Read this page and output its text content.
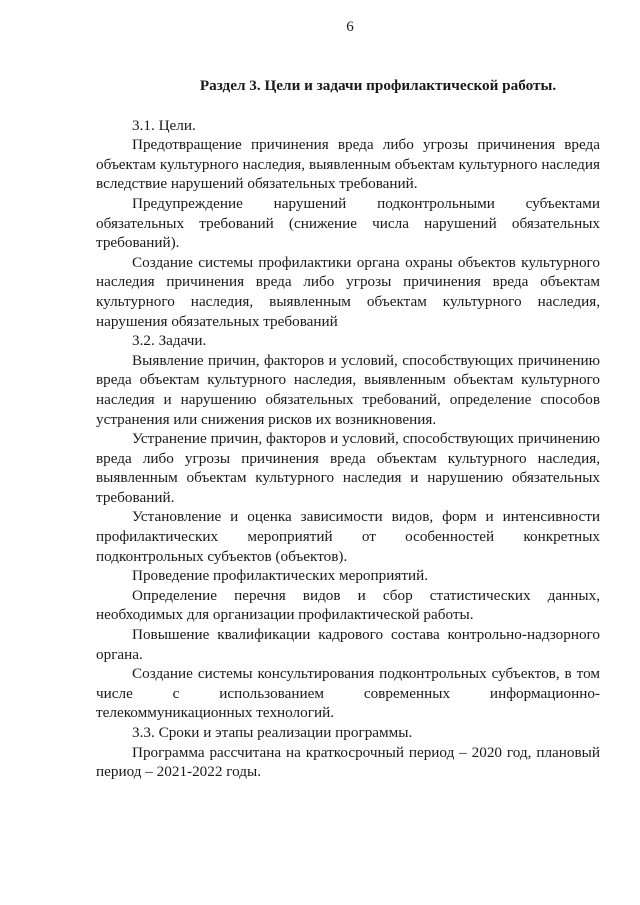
6
Раздел 3. Цели и задачи профилактической работы.

3.1. Цели.

Предотвращение причинения вреда либо угрозы причинения вреда объектам культурного наследия, выявленным объектам культурного наследия вследствие нарушений обязательных требований.

Предупреждение нарушений подконтрольными субъектами обязательных требований (снижение числа нарушений обязательных требований).

Создание системы профилактики органа охраны объектов культурного наследия причинения вреда либо угрозы причинения вреда объектам культурного наследия, выявленным объектам культурного наследия, нарушения обязательных требований

3.2. Задачи.

Выявление причин, факторов и условий, способствующих причинению вреда объектам культурного наследия, выявленным объектам культурного наследия и нарушению обязательных требований, определение способов устранения или снижения рисков их возникновения.

Устранение причин, факторов и условий, способствующих причинению вреда либо угрозы причинения вреда объектам культурного наследия, выявленным объектам культурного наследия и нарушению обязательных требований.

Установление и оценка зависимости видов, форм и интенсивности профилактических мероприятий от особенностей конкретных подконтрольных субъектов (объектов).

Проведение профилактических мероприятий.

Определение перечня видов и сбор статистических данных, необходимых для организации профилактической работы.

Повышение квалификации кадрового состава контрольно-надзорного органа.

Создание системы консультирования подконтрольных субъектов, в том числе с использованием современных информационно-телекоммуникационных технологий.

3.3. Сроки и этапы реализации программы.

Программа рассчитана на краткосрочный период – 2020 год, плановый период – 2021-2022 годы.
